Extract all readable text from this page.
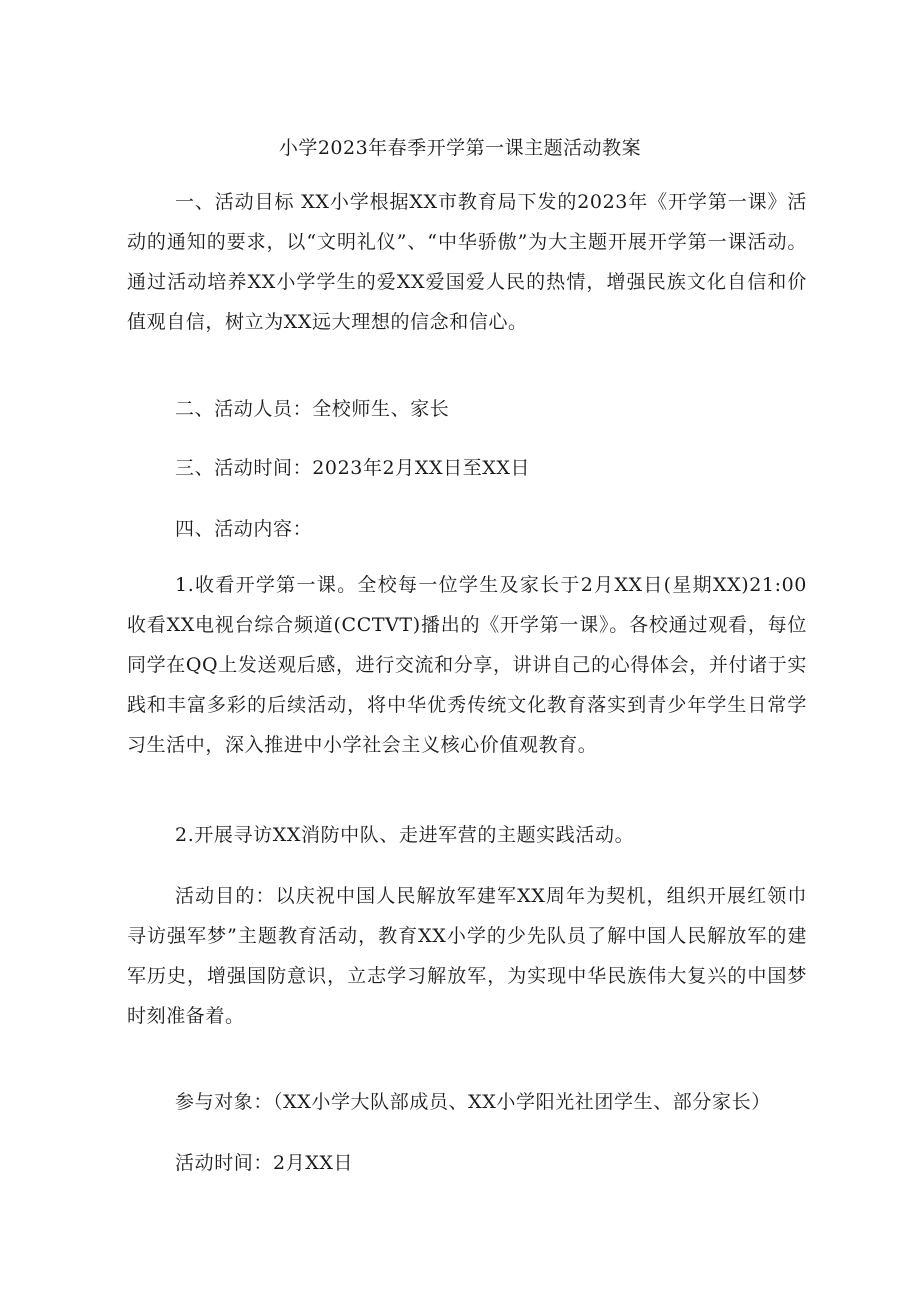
小学2023年春季开学第一课主题活动教案

一、活动目标 XX小学根据XX市教育局下发的2023年《开学第一课》活动的通知的要求，以“文明礼仪”、“中华骄傲”为大主题开展开学第一课活动。通过活动培养XX小学学生的爱XX爱国爱人民的热情，增强民族文化自信和价值观自信，树立为XX远大理想的信念和信心。

二、活动人员：全校师生、家长

三、活动时间：2023年2月XX日至XX日

四、活动内容：

1.收看开学第一课。全校每一位学生及家长于2月XX日(星期XX)21:00收看XX电视台综合频道(CCTVT)播出的《开学第一课》。各校通过观看，每位同学在QQ上发送观后感，进行交流和分享，讲讲自己的心得体会，并付诸于实践和丰富多彩的后续活动，将中华优秀传统文化教育落实到青少年学生日常学习生活中，深入推进中小学社会主义核心价值观教育。

2.开展寻访XX消防中队、走进军营的主题实践活动。

活动目的：以庆祝中国人民解放军建军XX周年为契机，组织开展红领巾寻访强军梦”主题教育活动，教育XX小学的少先队员了解中国人民解放军的建军历史，增强国防意识，立志学习解放军，为实现中华民族伟大复兴的中国梦时刻准备着。

参与对象：（XX小学大队部成员、XX小学阳光社团学生、部分家长）

活动时间：2月XX日
